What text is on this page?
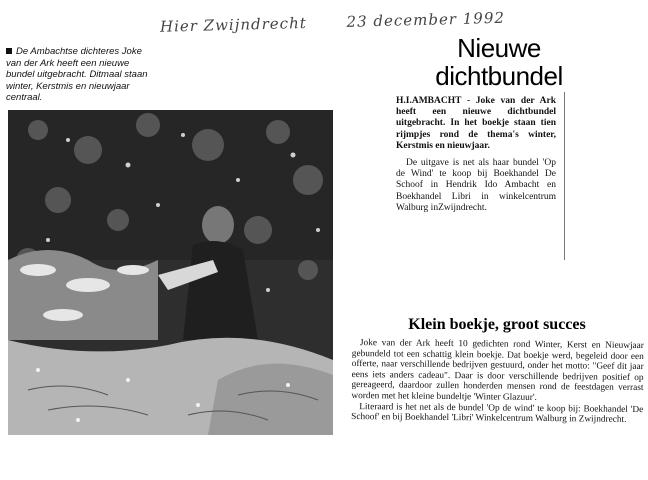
Hier Zwijndrecht	23 december 1992

De Ambachtse dichteres Joke
van der Ark heeft een nieuwe
bundel uitgebracht. Ditmaal staan
winter, Kerstmis en nieuwjaar
centraal.

Nieuwe
dichtbundel

H.I.AMBACHT - Joke van der Ark heeft een nieuwe dichtbundel uitgebracht. In het boekje staan tien rijmpjes rond de thema's winter, Kerstmis en nieuwjaar.

De uitgave is net als haar bundel 'Op de Wind' te koop bij Boekhandel De Schoof in Hendrik Ido Ambacht en Boekhandel Libri in winkelcentrum Walburg inZwijndrecht.

Klein boekje, groot succes

Joke van der Ark heeft 10 gedichten rond Winter, Kerst en Nieuwjaar gebundeld tot een schattig klein boekje. Dat boekje werd, begeleid door een offerte, naar verschillende bedrijven gestuurd, onder het motto: "Geef dit jaar eens iets anders cadeau". Daar is door verschillende bedrijven positief op gereageerd, daardoor zullen honderden mensen rond de feestdagen verrast worden met het kleine bundeltje 'Winter Glazuur'.

Literaard is het net als de bundel 'Op de wind' te koop bij: Boekhandel 'De Schoof' en bij Boekhandel 'Libri' Winkelcentrum Walburg in Zwijndrecht.
